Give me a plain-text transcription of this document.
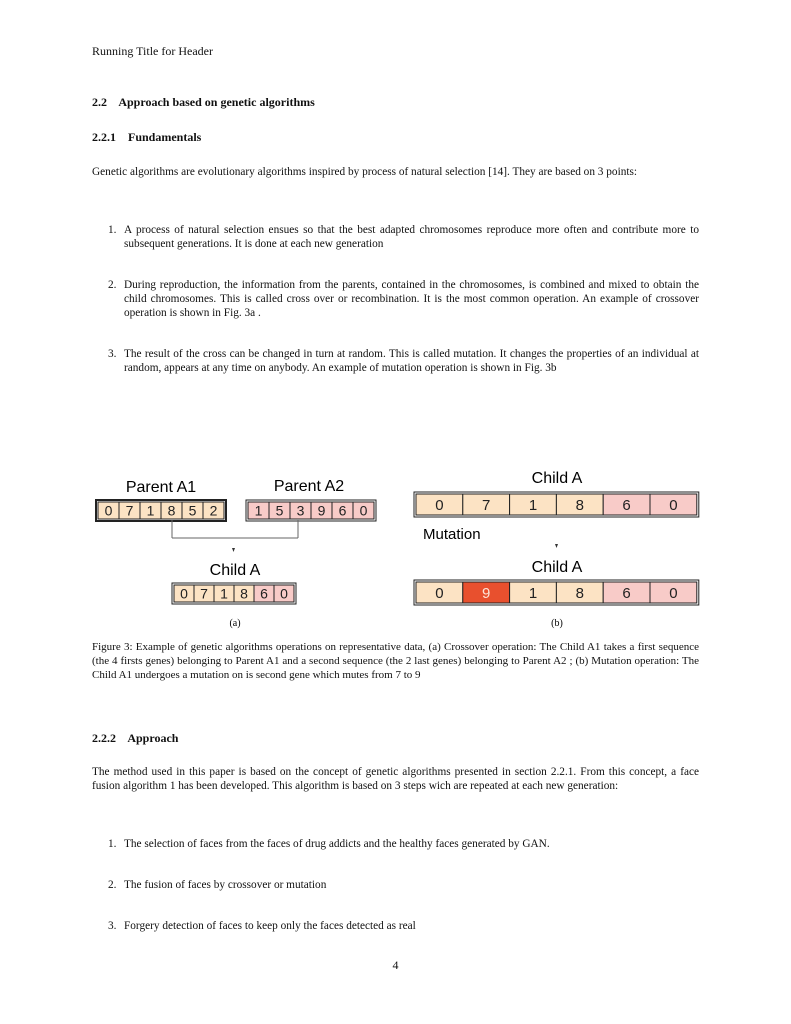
Running Title for Header
2.2 Approach based on genetic algorithms
2.2.1 Fundamentals
Genetic algorithms are evolutionary algorithms inspired by process of natural selection [14]. They are based on 3 points:
1. A process of natural selection ensues so that the best adapted chromosomes reproduce more often and contribute more to subsequent generations. It is done at each new generation
2. During reproduction, the information from the parents, contained in the chromosomes, is combined and mixed to obtain the child chromosomes. This is called cross over or recombination. It is the most common operation. An example of crossover operation is shown in Fig. 3a .
3. The result of the cross can be changed in turn at random. This is called mutation. It changes the properties of an individual at random, appears at any time on anybody. An example of mutation operation is shown in Fig. 3b
Parent A1	Parent A2
0 7 1 8 5 2	1 5 3 9 6 0
Child A
0 7 1 8 6 0
(a)
Child A
0	7	1	8	6	0
Mutation
Child A
0	9	1	8	6	0
(b)
Figure 3: Example of genetic algorithms operations on representative data, (a) Crossover operation: The Child A1 takes a first sequence (the 4 firsts genes) belonging to Parent A1 and a second sequence (the 2 last genes) belonging to Parent A2 ; (b) Mutation operation: The Child A1 undergoes a mutation on is second gene which mutes from 7 to 9
2.2.2 Approach
The method used in this paper is based on the concept of genetic algorithms presented in section 2.2.1. From this concept, a face fusion algorithm 1 has been developed. This algorithm is based on 3 steps wich are repeated at each new generation:
1. The selection of faces from the faces of drug addicts and the healthy faces generated by GAN.
2. The fusion of faces by crossover or mutation
3. Forgery detection of faces to keep only the faces detected as real
4
